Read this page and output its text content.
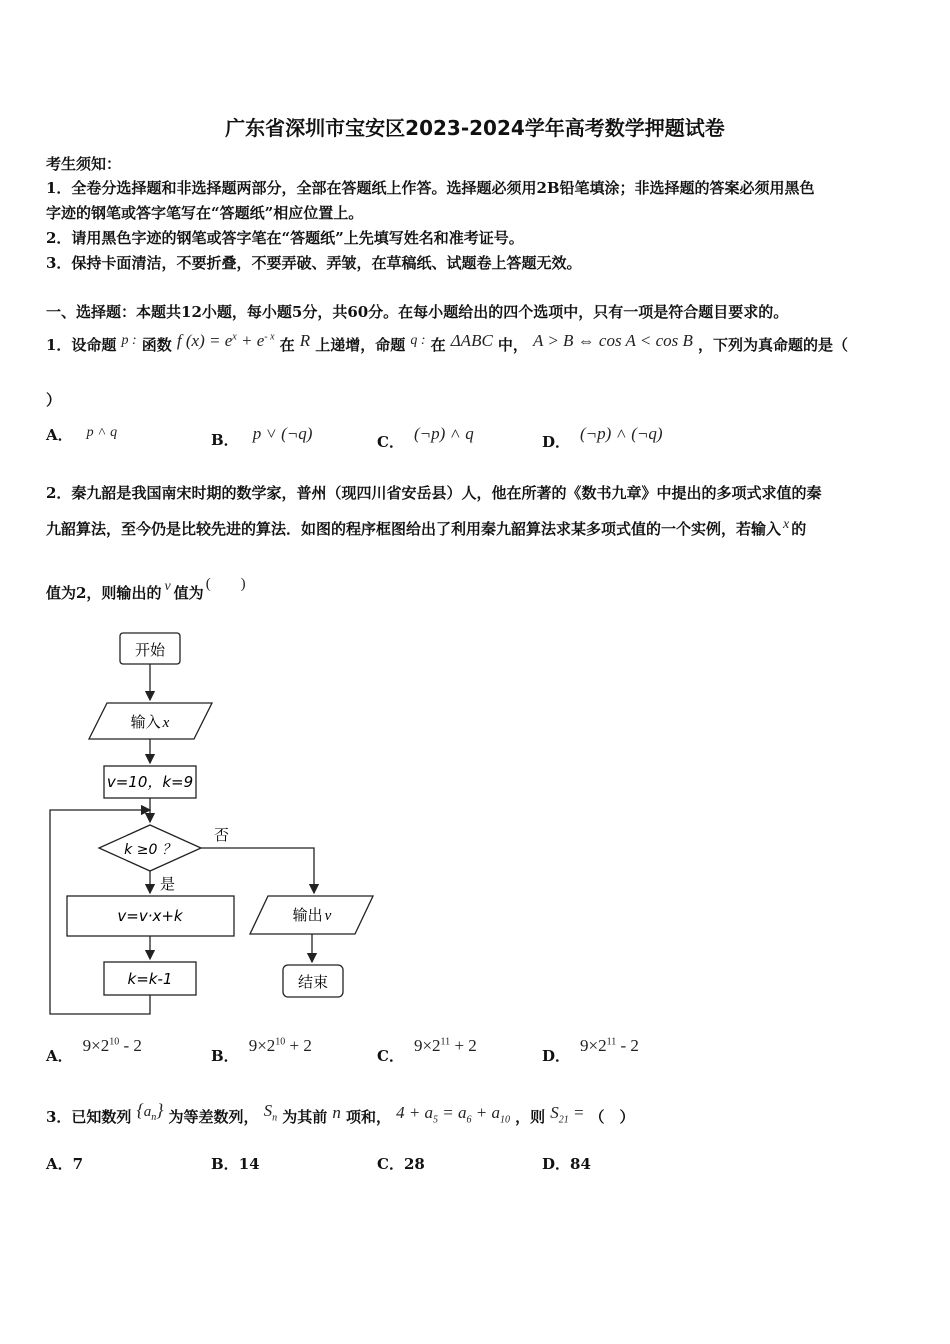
广东省深圳市宝安区2023-2024学年高考数学押题试卷
考生须知：
1．全卷分选择题和非选择题两部分，全部在答题纸上作答。选择题必须用2B铅笔填涂；非选择题的答案必须用黑色
字迹的钢笔或答字笔写在“答题纸”相应位置上。
2．请用黑色字迹的钢笔或答字笔在“答题纸”上先填写姓名和准考证号。
3．保持卡面清洁，不要折叠，不要弄破、弄皱，在草稿纸、试题卷上答题无效。
一、选择题：本题共12小题，每小题5分，共60分。在每小题给出的四个选项中，只有一项是符合题目要求的。
1．设命题 p : 函数 f $(x) = e^x + e^{- x}$ 在 R 上递增，命题 q : 在 ΔABC 中， A > B ⇔ cos A < cos B ，下列为真命题的是（
）
A． p ˄ q	B． p ˅ (¬q)	C． (¬p) ˄ q	D． (¬p) ˄ (¬q)
2．秦九韶是我国南宋时期的数学家，普州（现四川省安岳县）人，他在所著的《数书九章》中提出的多项式求值的秦
九韶算法，至今仍是比较先进的算法．如图的程序框图给出了利用秦九韶算法求某多项式值的一个实例，若输入 x 的
值为2，则输出的 v 值为 (　　)
开始
输入 x
v=10，k=9
k ≥0 ？
否
是
v=v·x+k
k=k-1
输出 v
结束
A．$9\times 2^{10} - 2$
B．$9\times 2^{10} + 2$
C．$9\times 2^{11} + 2$
D．$9\times 2^{11} - 2$
3．已知数列 $\{a_n\}$ 为等差数列， $S_n$ 为其前 n 项和， $4 + a_5 = a_6 + a_{10}$ ，则 $S_{21}$ = （　）
A．7	B．14	C．28	D．84
